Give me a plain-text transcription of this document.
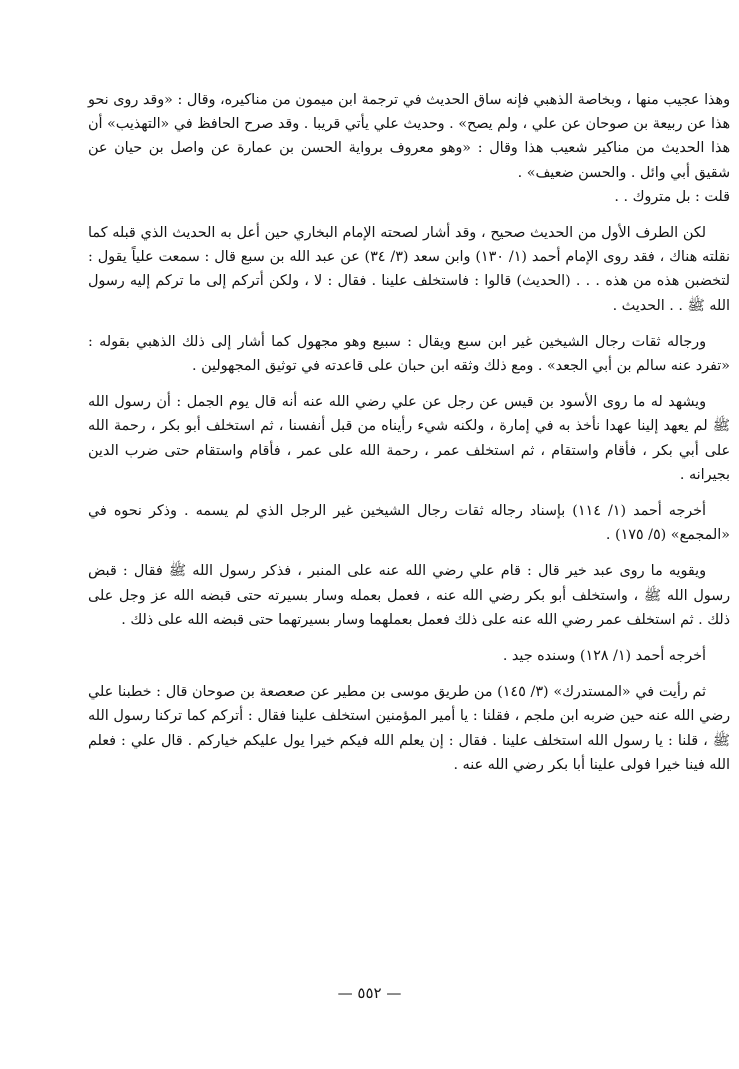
وهذا عجيب منها ، وبخاصة الذهبي فإنه ساق الحديث في ترجمة ابن ميمون من مناكيره، وقال : «وقد روى نحو هذا عن ربيعة بن صوحان عن علي ، ولم يصح» . وحديث علي يأتي قريبا . وقد صرح الحافظ في «التهذيب» أن هذا الحديث من مناكير شعيب هذا وقال : «وهو معروف برواية الحسن بن عمارة عن واصل بن حيان عن شقيق أبي وائل . والحسن ضعيف» .

قلت : بل متروك . .

لكن الطرف الأول من الحديث صحيح ، وقد أشار لصحته الإمام البخاري حين أعل به الحديث الذي قبله كما نقلته هناك ، فقد روى الإمام أحمد (١/ ١٣٠) وابن سعد (٣/ ٣٤) عن عبد الله بن سبع قال : سمعت علياً يقول : لتخضبن هذه من هذه . . . (الحديث) قالوا : فاستخلف علينا . فقال : لا ، ولكن أتركم إلى ما تركم إليه رسول الله ﷺ . . الحديث .

ورجاله ثقات رجال الشيخين غير ابن سبع ويقال : سبيع وهو مجهول كما أشار إلى ذلك الذهبي بقوله : «تفرد عنه سالم بن أبي الجعد» . ومع ذلك وثقه ابن حبان على قاعدته في توثيق المجهولين .

ويشهد له ما روى الأسود بن قيس عن رجل عن علي رضي الله عنه أنه قال يوم الجمل : أن رسول الله ﷺ لم يعهد إلينا عهدا نأخذ به في إمارة ، ولكنه شيء رأيناه من قبل أنفسنا ، ثم استخلف أبو بكر ، رحمة الله على أبي بكر ، فأقام واستقام ، ثم استخلف عمر ، رحمة الله على عمر ، فأقام واستقام حتى ضرب الدين بجيرانه .

أخرجه أحمد (١/ ١١٤) بإسناد رجاله ثقات رجال الشيخين غير الرجل الذي لم يسمه . وذكر نحوه في «المجمع» (٥/ ١٧٥) .

ويقويه ما روى عبد خير قال : قام علي رضي الله عنه على المنبر ، فذكر رسول الله ﷺ فقال : قبض رسول الله ﷺ ، واستخلف أبو بكر رضي الله عنه ، فعمل بعمله وسار بسيرته حتى قبضه الله عز وجل على ذلك . ثم استخلف عمر رضي الله عنه على ذلك فعمل بعملهما وسار بسيرتهما حتى قبضه الله على ذلك .

أخرجه أحمد (١/ ١٢٨) وسنده جيد .

ثم رأيت في «المستدرك» (٣/ ١٤٥) من طريق موسى بن مطير عن صعصعة بن صوحان قال : خطبنا علي رضي الله عنه حين ضربه ابن ملجم ، فقلنا : يا أمير المؤمنين استخلف علينا فقال : أتركم كما تركنا رسول الله ﷺ ، قلنا : يا رسول الله استخلف علينا . فقال : إن يعلم الله فيكم خيرا يول عليكم خياركم . قال علي : فعلم الله فينا خيرا فولى علينا أبا بكر رضي الله عنه .

— ٥٥٢ —
